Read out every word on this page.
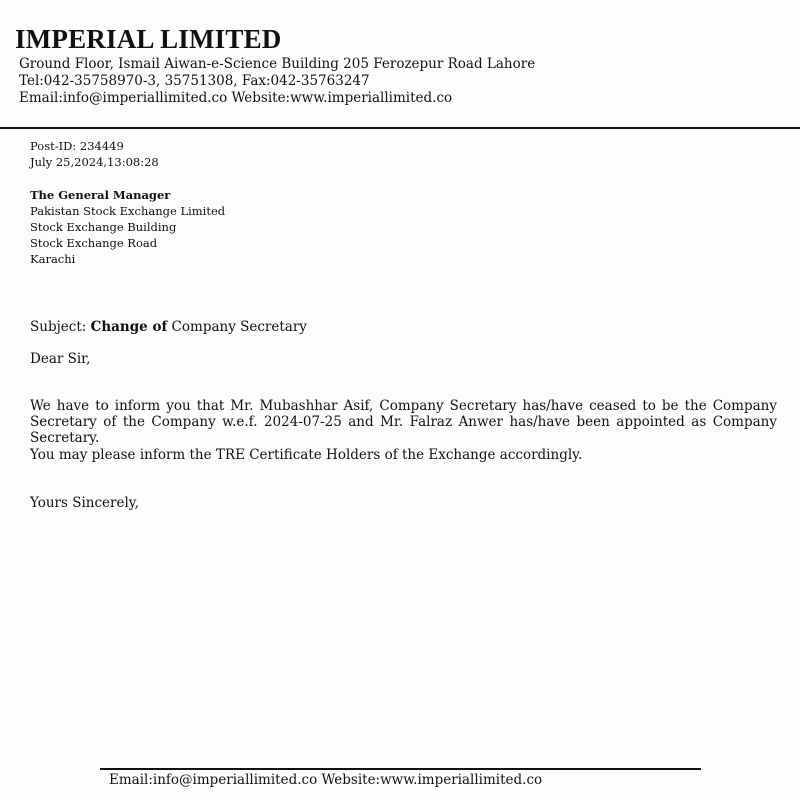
IMPERIAL LIMITED
Ground Floor, Ismail Aiwan-e-Science Building 205 Ferozepur Road Lahore
Tel:042-35758970-3, 35751308, Fax:042-35763247
Email:info@imperiallimited.co Website:www.imperiallimited.co
Post-ID: 234449
July 25,2024,13:08:28
The General Manager
Pakistan Stock Exchange Limited
Stock Exchange Building
Stock Exchange Road
Karachi
Subject: Change of Company Secretary
Dear Sir,
We have to inform you that Mr. Mubashhar Asif, Company Secretary has/have ceased to be the Company Secretary of the Company w.e.f. 2024-07-25 and Mr. Falraz Anwer has/have been appointed as Company Secretary.
You may please inform the TRE Certificate Holders of the Exchange accordingly.
Yours Sincerely,
Email:info@imperiallimited.co Website:www.imperiallimited.co
